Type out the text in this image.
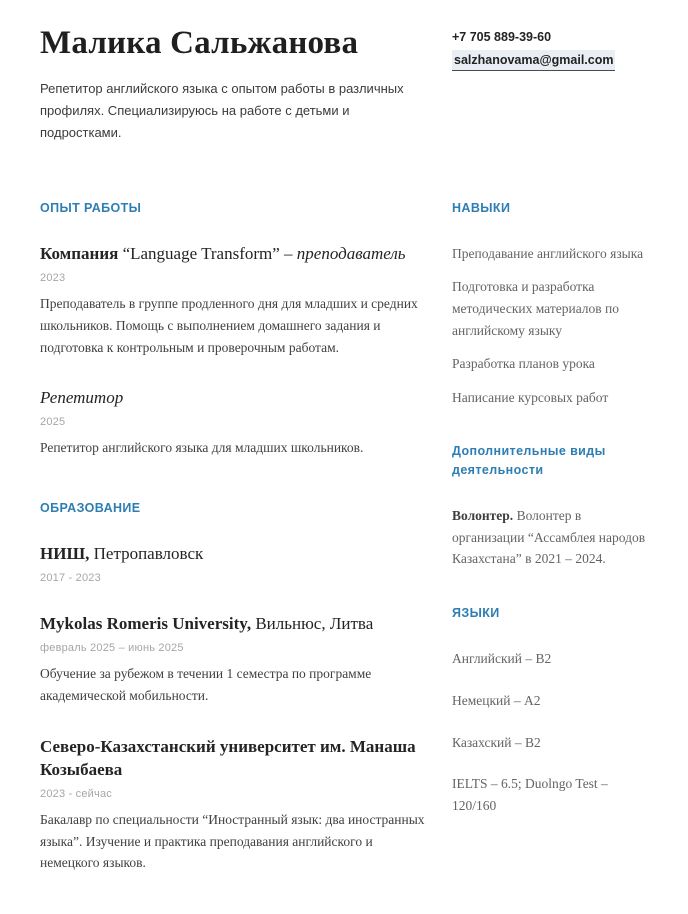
Малика Сальжанова

Репетитор английского языка с опытом работы в различных профилях. Специализируюсь на работе с детьми и подростками.

+7 705 889-39-60
salzhanovama@gmail.com
ОПЫТ РАБОТЫ
Компания “Language Transform” – преподаватель
2023

Преподаватель в группе продленного дня для младших и средних школьников. Помощь с выполнением домашнего задания и подготовка к контрольным и проверочным работам.

Репетитор
2025

Репетитор английского языка для младших школьников.

ОБРАЗОВАНИЕ
НИШ, Петропавловск
2017 - 2023
Mykolas Romeris University, Вильнюс, Литва
февраль 2025 – июнь 2025

Обучение за рубежом в течении 1 семестра по программе академической мобильности.

Северо-Казахстанский университет им. Манаша Козыбаева
2023 - сейчас

Бакалавр по специальности “Иностранный язык: два иностранных языка”. Изучение и практика преподавания английского и немецкого языков.

НАВЫКИ

Преподавание английского языка

Подготовка и разработка методических материалов по английскому языку

Разработка планов урока

Написание курсовых работ

Дополнительные виды деятельности

Волонтер. Волонтер в организации “Ассамблея народов Казахстана” в 2021 – 2024.

ЯЗЫКИ

Английский – B2

Немецкий – A2

Казахский – B2

IELTS – 6.5; Duolngo Test – 120/160
